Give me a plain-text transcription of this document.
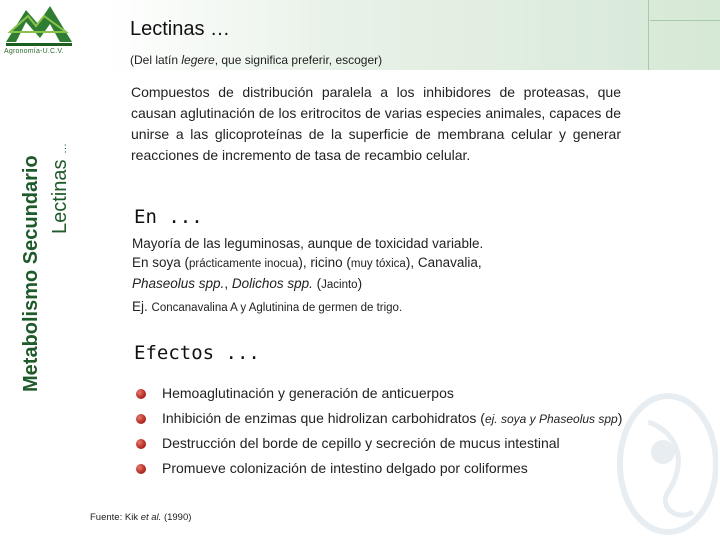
Agronomía-U.C.V.
Lectinas …
(Del latín legere, que significa preferir, escoger)
Metabolismo Secundario Lectinas …
Compuestos de distribución paralela a los inhibidores de proteasas, que causan aglutinación de los eritrocitos de varias especies animales, capaces de unirse a las glicoproteínas de la superficie de membrana celular y generar reacciones de incremento de tasa de recambio celular.
En ...

Mayoría de las leguminosas, aunque de toxicidad variable.

En soya (prácticamente inocua), ricino (muy tóxica), Canavalia,

Phaseolus spp., Dolichos spp. (Jacinto)

Ej. Concanavalina A y Aglutinina de germen de trigo.

Efectos ...
Hemoaglutinación y generación de anticuerpos
Inhibición de enzimas que hidrolizan carbohidratos (ej. soya y Phaseolus spp)
Destrucción del borde de cepillo y secreción de mucus intestinal
Promueve colonización de intestino delgado por coliformes
Fuente: Kik et al. (1990)
